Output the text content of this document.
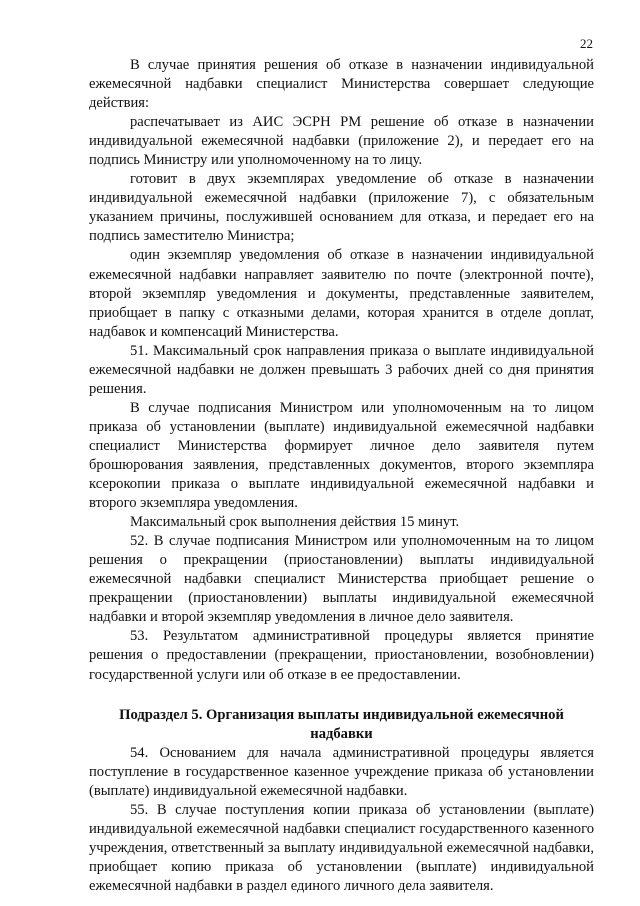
22

В случае принятия решения об отказе в назначении индивидуальной ежемесячной надбавки специалист Министерства совершает следующие действия:

распечатывает из АИС ЭСРН РМ решение об отказе в назначении индивидуальной ежемесячной надбавки (приложение 2), и передает его на подпись Министру или уполномоченному на то лицу.

готовит в двух экземплярах уведомление об отказе в назначении индивидуальной ежемесячной надбавки (приложение 7), с обязательным указанием причины, послужившей основанием для отказа, и передает его на подпись заместителю Министра;

один экземпляр уведомления об отказе в назначении индивидуальной ежемесячной надбавки направляет заявителю по почте (электронной почте), второй экземпляр уведомления и документы, представленные заявителем, приобщает в папку с отказными делами, которая хранится в отделе доплат, надбавок и компенсаций Министерства.

51. Максимальный срок направления приказа о выплате индивидуальной ежемесячной надбавки не должен превышать 3 рабочих дней со дня принятия решения.

В случае подписания Министром или уполномоченным на то лицом приказа об установлении (выплате) индивидуальной ежемесячной надбавки специалист Министерства формирует личное дело заявителя путем брошюрования заявления, представленных документов, второго экземпляра ксерокопии приказа о выплате индивидуальной ежемесячной надбавки и второго экземпляра уведомления.

Максимальный срок выполнения действия 15 минут.

52. В случае подписания Министром или уполномоченным на то лицом решения о прекращении (приостановлении) выплаты индивидуальной ежемесячной надбавки специалист Министерства приобщает решение о прекращении (приостановлении) выплаты индивидуальной ежемесячной надбавки и второй экземпляр уведомления в личное дело заявителя.

53. Результатом административной процедуры является принятие решения о предоставлении (прекращении, приостановлении, возобновлении) государственной услуги или об отказе в ее предоставлении.

Подраздел 5. Организация выплаты индивидуальной ежемесячной надбавки

54. Основанием для начала административной процедуры является поступление в государственное казенное учреждение приказа об установлении (выплате) индивидуальной ежемесячной надбавки.

55. В случае поступления копии приказа об установлении (выплате) индивидуальной ежемесячной надбавки специалист государственного казенного учреждения, ответственный за выплату индивидуальной ежемесячной надбавки, приобщает копию приказа об установлении (выплате) индивидуальной ежемесячной надбавки в раздел единого личного дела заявителя.
